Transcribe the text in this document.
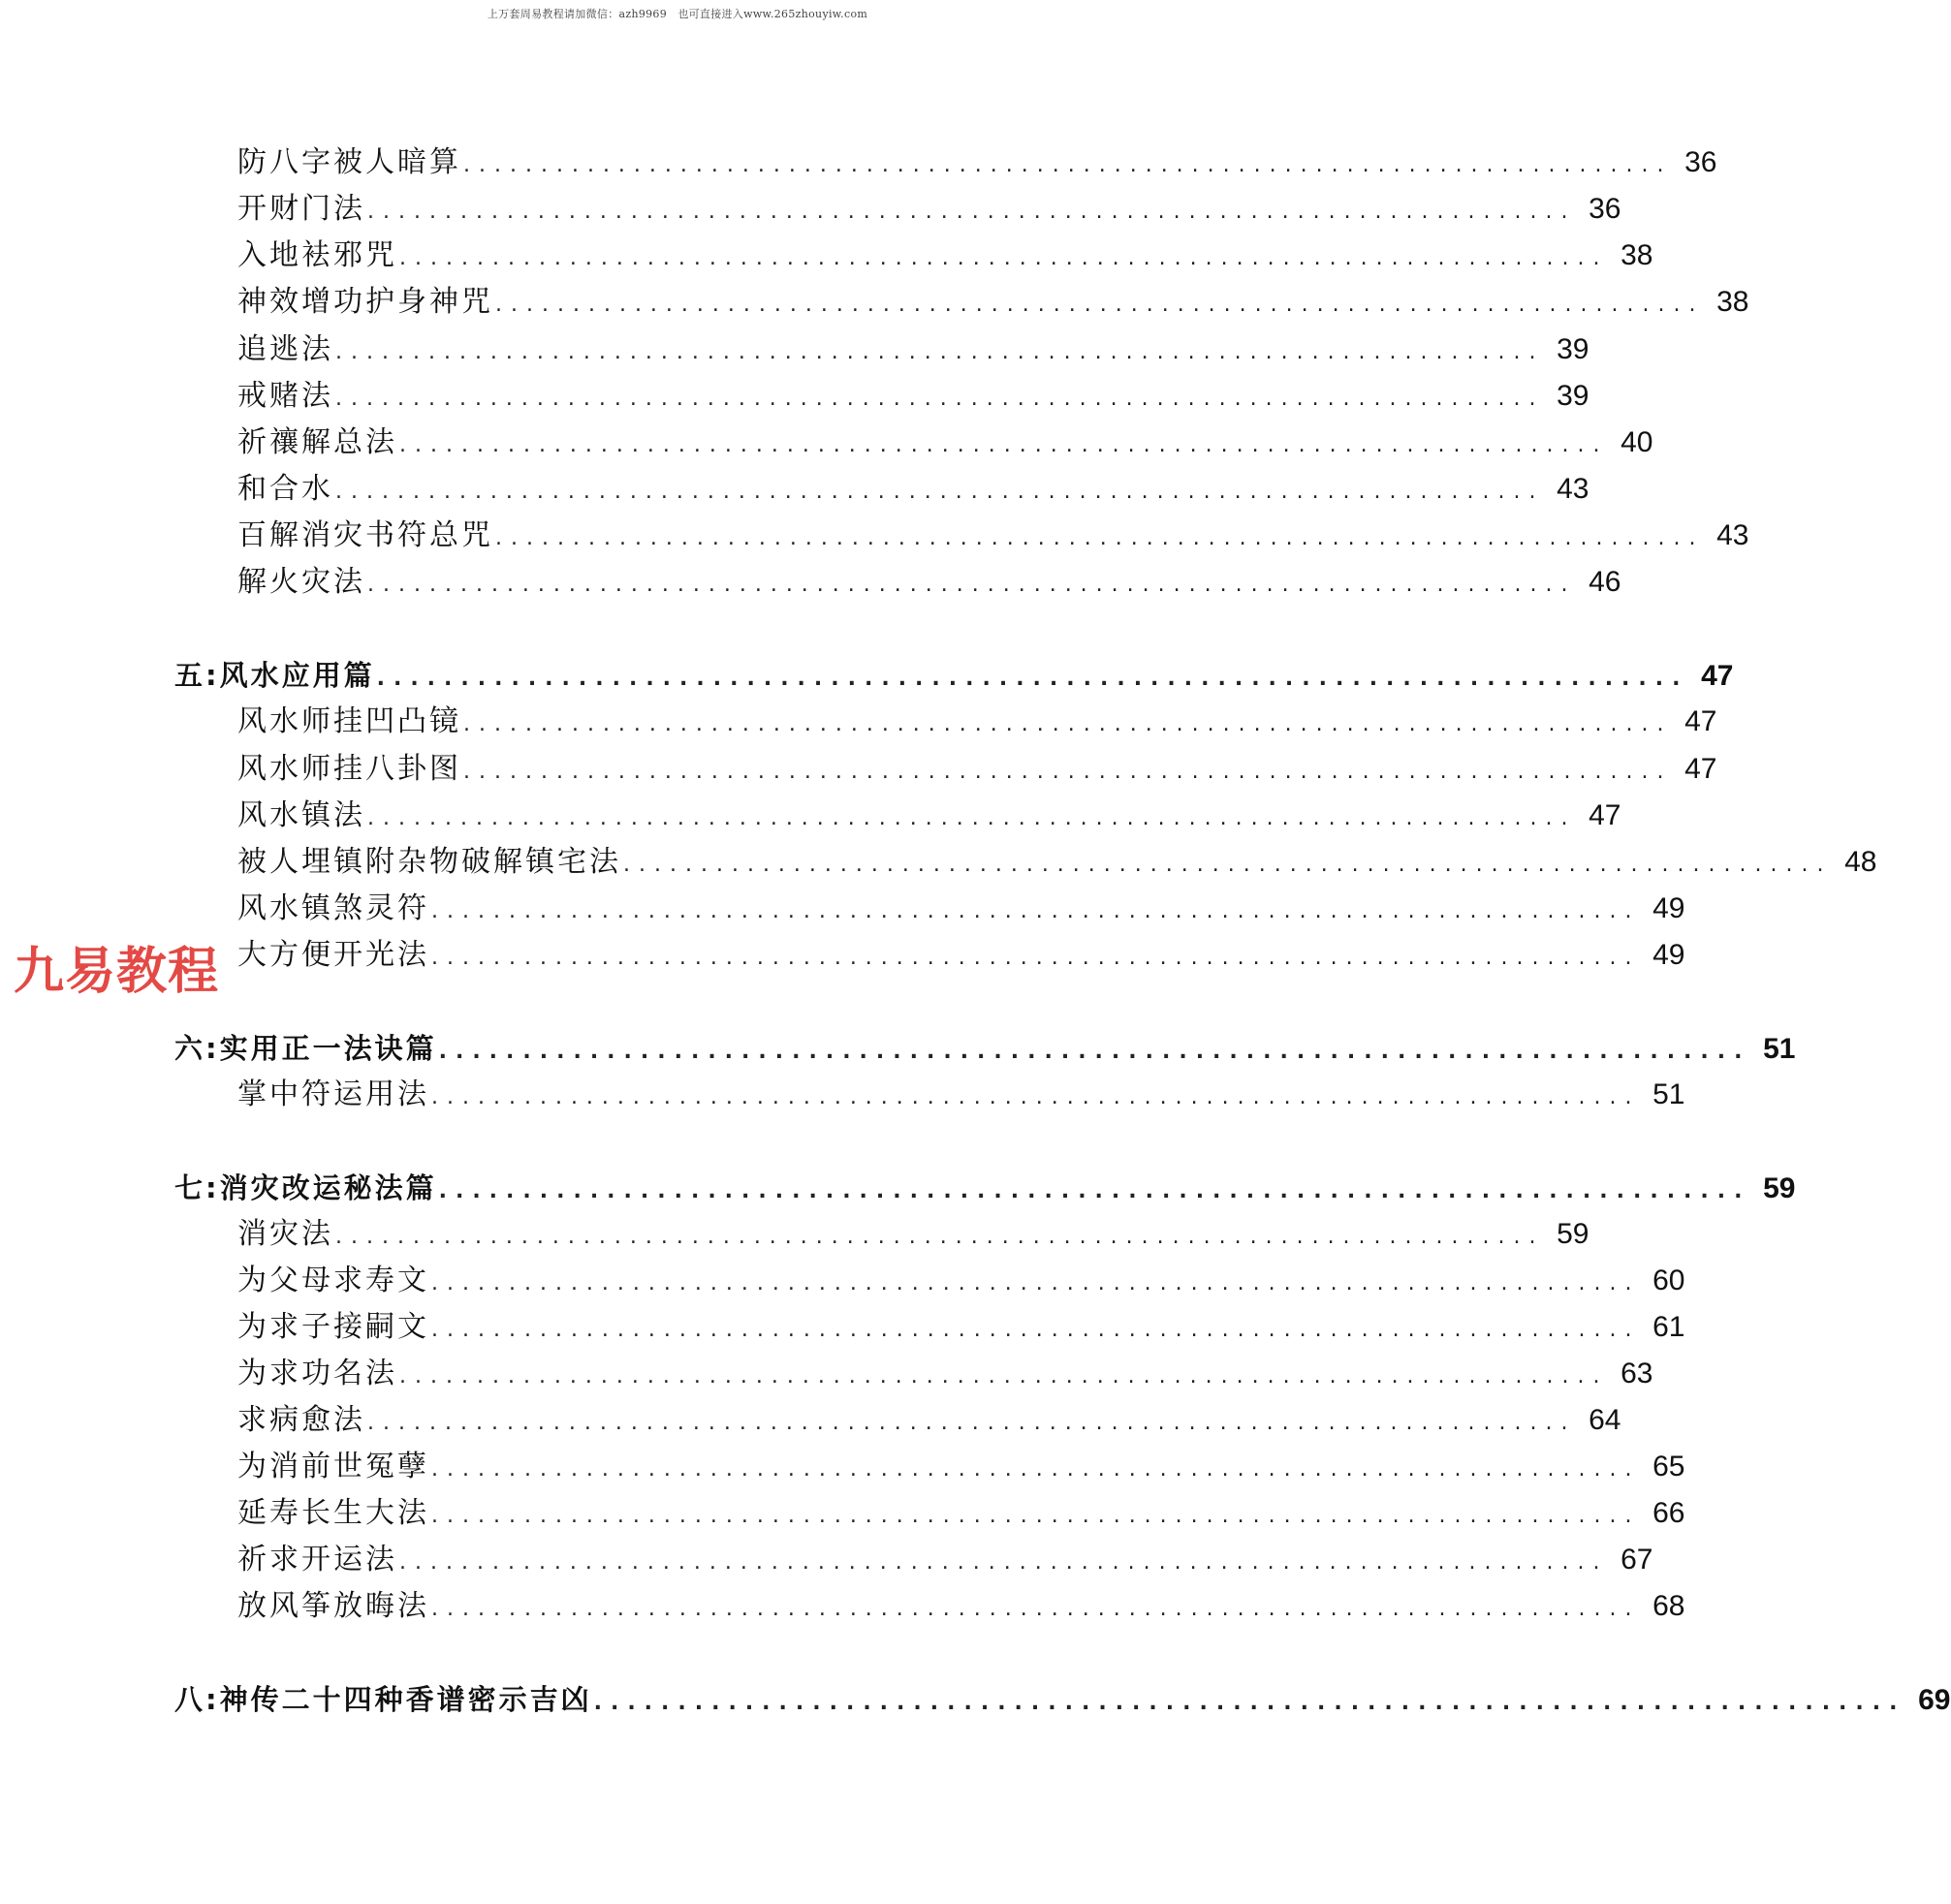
上万套周易教程请加微信：azh9969　也可直接进入www.265zhouyiw.com
防八字被人暗算 .............................................................................. 36
开财门法 .............................................................................. 36
入地袪邪咒 .............................................................................. 38
神效增功护身神咒 .............................................................................. 38
追逃法 .............................................................................. 39
戒赌法 .............................................................................. 39
祈禳解总法 .............................................................................. 40
和合水 .............................................................................. 43
百解消灾书符总咒 .............................................................................. 43
解火灾法 .............................................................................. 46
五:风水应用篇 .............................................................................. 47
风水师挂凹凸镜 .............................................................................. 47
风水师挂八卦图 .............................................................................. 47
风水镇法 .............................................................................. 47
被人埋镇附杂物破解镇宅法 .............................................................................. 48
风水镇煞灵符 .............................................................................. 49
大方便开光法 .............................................................................. 49
六:实用正一法诀篇 .............................................................................. 51
掌中符运用法 .............................................................................. 51
七:消灾改运秘法篇 .............................................................................. 59
消灾法 .............................................................................. 59
为父母求寿文 .............................................................................. 60
为求子接嗣文 .............................................................................. 61
为求功名法 .............................................................................. 63
求病愈法 .............................................................................. 64
为消前世冤孽 .............................................................................. 65
延寿长生大法 .............................................................................. 66
祈求开运法 .............................................................................. 67
放风筝放晦法 .............................................................................. 68
八:神传二十四种香谱密示吉凶 .............................................................................. 69
九易教程
